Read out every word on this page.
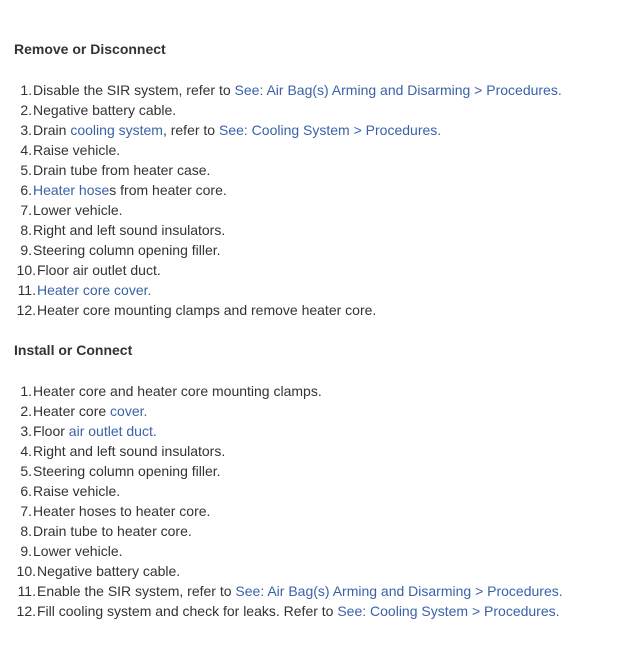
Remove or Disconnect
1. Disable the SIR system, refer to See: Air Bag(s) Arming and Disarming > Procedures.
2. Negative battery cable.
3. Drain cooling system, refer to See: Cooling System > Procedures.
4. Raise vehicle.
5. Drain tube from heater case.
6. Heater hoses from heater core.
7. Lower vehicle.
8. Right and left sound insulators.
9. Steering column opening filler.
10. Floor air outlet duct.
11. Heater core cover.
12. Heater core mounting clamps and remove heater core.
Install or Connect
1. Heater core and heater core mounting clamps.
2. Heater core cover.
3. Floor air outlet duct.
4. Right and left sound insulators.
5. Steering column opening filler.
6. Raise vehicle.
7. Heater hoses to heater core.
8. Drain tube to heater core.
9. Lower vehicle.
10. Negative battery cable.
11. Enable the SIR system, refer to See: Air Bag(s) Arming and Disarming > Procedures.
12. Fill cooling system and check for leaks. Refer to See: Cooling System > Procedures.
